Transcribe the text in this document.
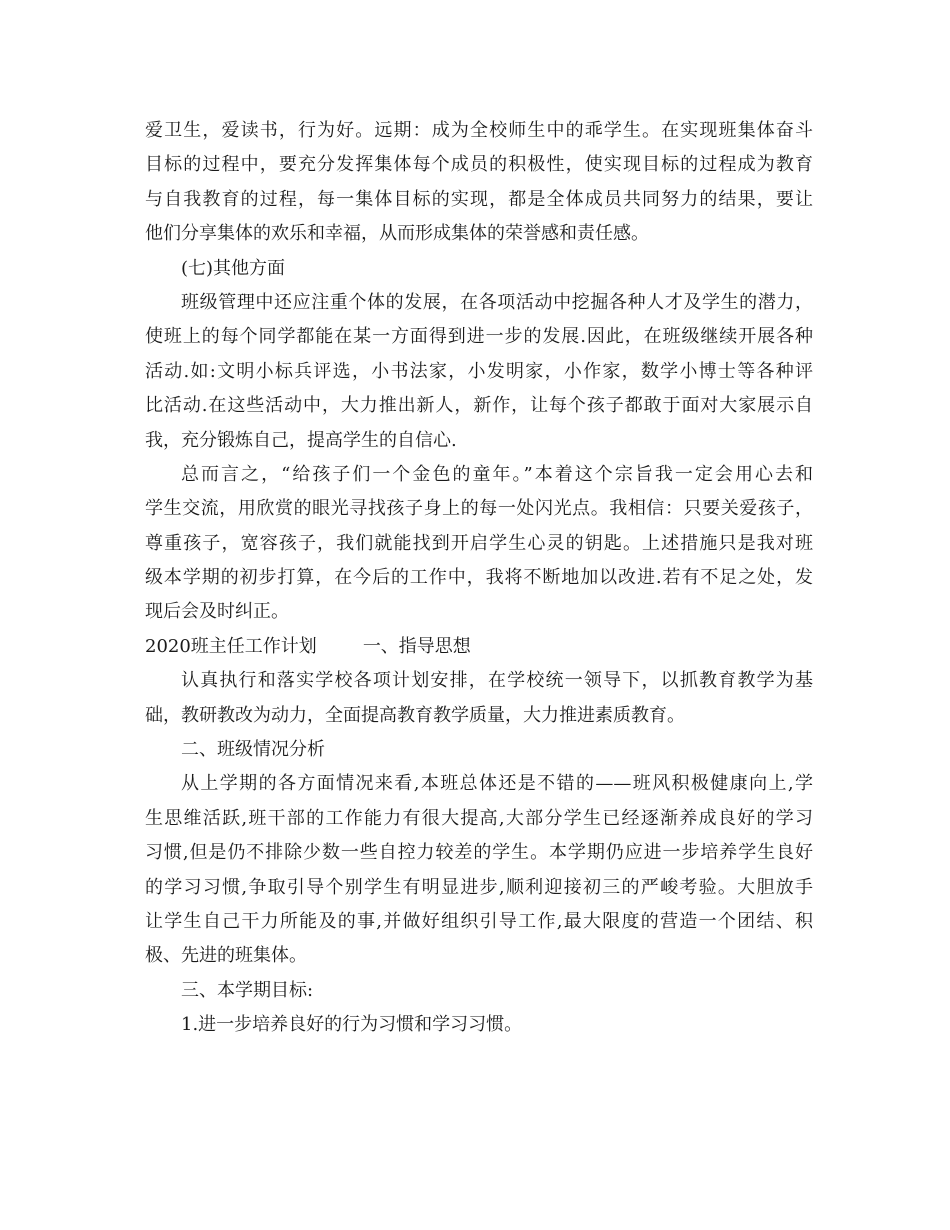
爱卫生，爱读书，行为好。远期：成为全校师生中的乖学生。在实现班集体奋斗
目标的过程中，要充分发挥集体每个成员的积极性，使实现目标的过程成为教育
与自我教育的过程，每一集体目标的实现，都是全体成员共同努力的结果，要让
他们分享集体的欢乐和幸福，从而形成集体的荣誉感和责任感。
(七)其他方面
班级管理中还应注重个体的发展，在各项活动中挖掘各种人才及学生的潜力，
使班上的每个同学都能在某一方面得到进一步的发展.因此，在班级继续开展各种
活动.如:文明小标兵评选，小书法家，小发明家，小作家，数学小博士等各种评
比活动.在这些活动中，大力推出新人，新作，让每个孩子都敢于面对大家展示自
我，充分锻炼自己，提高学生的自信心.
总而言之，“给孩子们一个金色的童年。”本着这个宗旨我一定会用心去和
学生交流，用欣赏的眼光寻找孩子身上的每一处闪光点。我相信：只要关爱孩子，
尊重孩子，宽容孩子，我们就能找到开启学生心灵的钥匙。上述措施只是我对班
级本学期的初步打算，在今后的工作中，我将不断地加以改进.若有不足之处，发
现后会及时纠正。
2020班主任工作计划	一、指导思想
认真执行和落实学校各项计划安排，在学校统一领导下，以抓教育教学为基
础，教研教改为动力，全面提高教育教学质量，大力推进素质教育。
二、班级情况分析
从上学期的各方面情况来看,本班总体还是不错的——班风积极健康向上,学
生思维活跃,班干部的工作能力有很大提高,大部分学生已经逐渐养成良好的学习
习惯,但是仍不排除少数一些自控力较差的学生。本学期仍应进一步培养学生良好
的学习习惯,争取引导个别学生有明显进步,顺利迎接初三的严峻考验。大胆放手
让学生自己干力所能及的事,并做好组织引导工作,最大限度的营造一个团结、积
极、先进的班集体。
三、本学期目标:
1.进一步培养良好的行为习惯和学习习惯。
